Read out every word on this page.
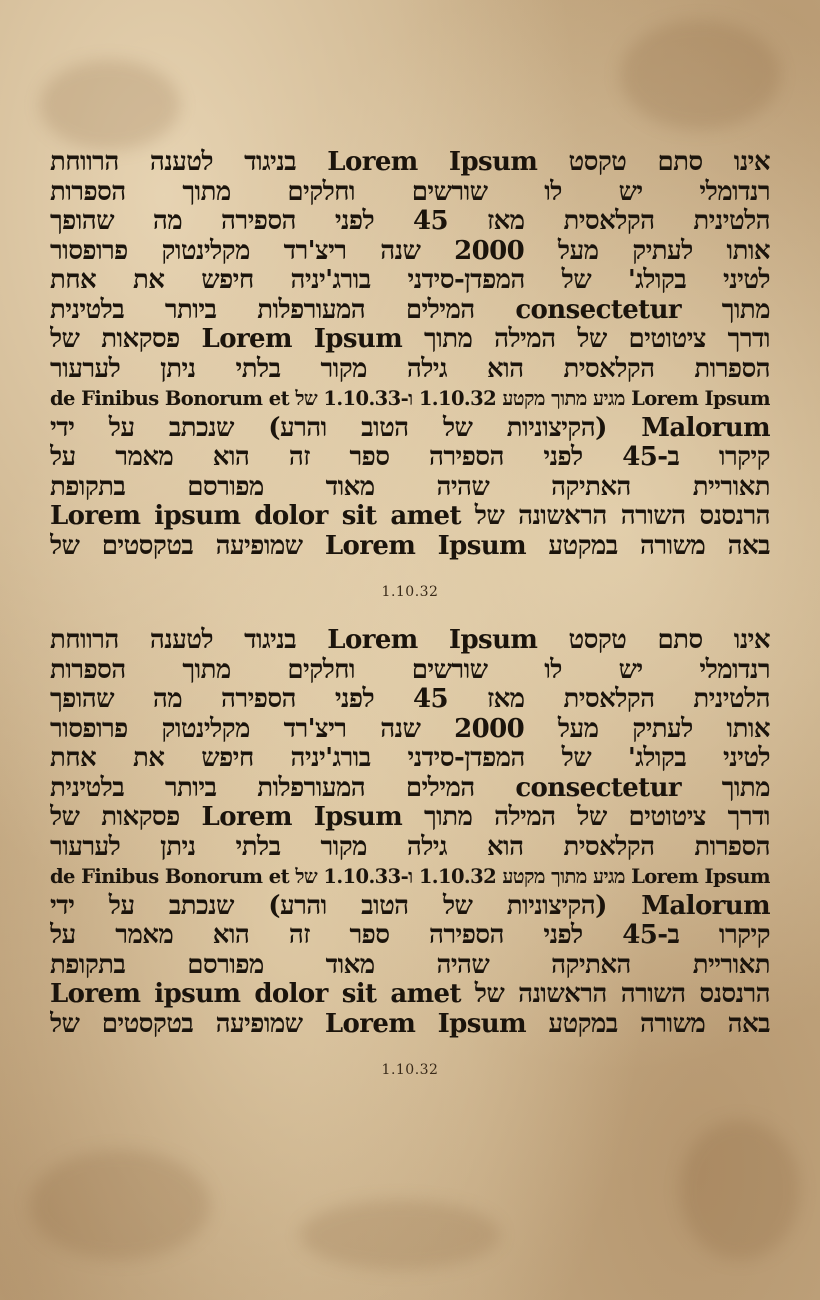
אינו סתם טקסט Lorem Ipsum בניגוד לטענה הרווחת
רנדומלי יש לו שורשים וחלקים מתוך הספרות
הלטינית הקלאסית מאז 45 לפני הספירה מה שהופך
אותו לעתיק מעל 2000 שנה ריצ'רד מקלינטוק פרופסור
לטיני בקולג' של המפדן-סידני בורג'יניה חיפש את אחת
מתוך consectetur המילים המעורפלות ביותר בלטינית
ודרך ציטוטים של המילה מתוך Lorem Ipsum פסקאות של
הספרות הקלאסית הוא גילה מקור בלתי ניתן לערעור
Lorem Ipsum מגיע מתוך מקטע 1.10.32 ו-1.10.33 של de Finibus Bonorum et
Malorum (הקיצוניות של הטוב והרע) שנכתב על ידי
קיקרו ב-45 לפני הספירה ספר זה הוא מאמר על
תאוריית האתיקה שהיה מאוד מפורסם בתקופת
הרנסנס השורה הראשונה של Lorem ipsum dolor sit amet
באה משורה במקטע Lorem Ipsum שמופיעה בטקסטים של
1.10.32
אינו סתם טקסט Lorem Ipsum בניגוד לטענה הרווחת
רנדומלי יש לו שורשים וחלקים מתוך הספרות
הלטינית הקלאסית מאז 45 לפני הספירה מה שהופך
אותו לעתיק מעל 2000 שנה ריצ'רד מקלינטוק פרופסור
לטיני בקולג' של המפדן-סידני בורג'יניה חיפש את אחת
מתוך consectetur המילים המעורפלות ביותר בלטינית
ודרך ציטוטים של המילה מתוך Lorem Ipsum פסקאות של
הספרות הקלאסית הוא גילה מקור בלתי ניתן לערעור
Lorem Ipsum מגיע מתוך מקטע 1.10.32 ו-1.10.33 של de Finibus Bonorum et
Malorum (הקיצוניות של הטוב והרע) שנכתב על ידי
קיקרו ב-45 לפני הספירה ספר זה הוא מאמר על
תאוריית האתיקה שהיה מאוד מפורסם בתקופת
הרנסנס השורה הראשונה של Lorem ipsum dolor sit amet
באה משורה במקטע Lorem Ipsum שמופיעה בטקסטים של
1.10.32
